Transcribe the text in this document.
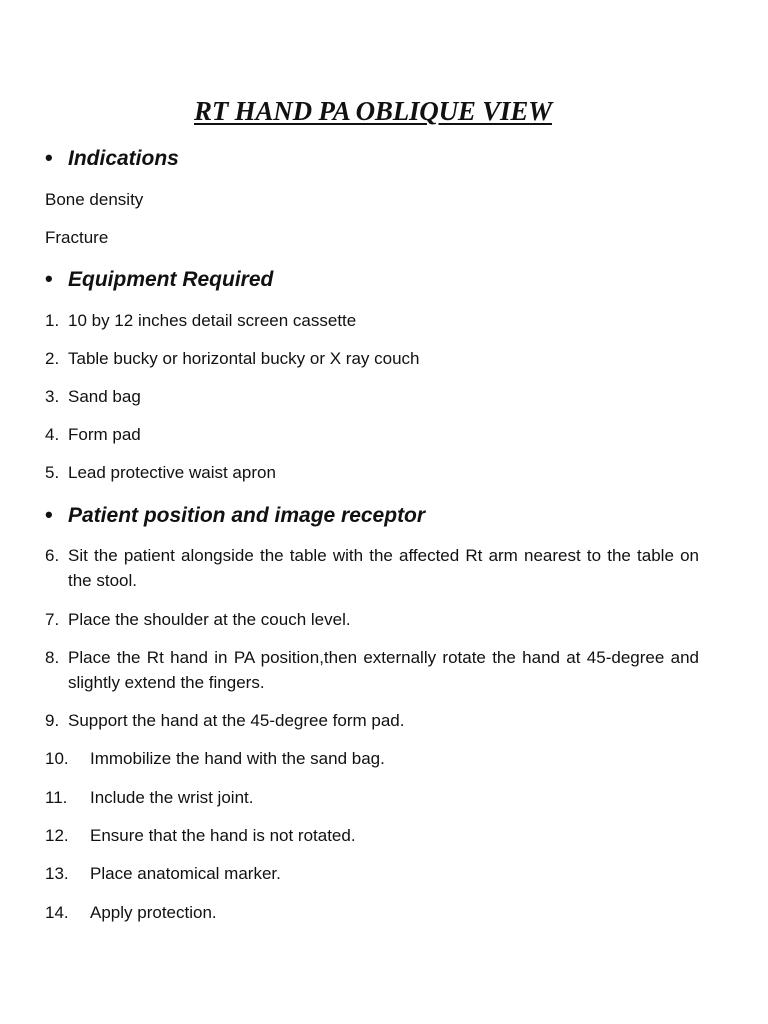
RT HAND PA OBLIQUE VIEW
• Indications

Bone density

Fracture

• Equipment Required
1. 10 by 12 inches detail screen cassette
2. Table bucky or horizontal bucky or X ray couch
3. Sand bag
4. Form pad
5. Lead protective waist apron
• Patient position and image receptor
6. Sit the patient alongside the table with the affected Rt arm nearest to the table on the stool.
7. Place the shoulder at the couch level.
8. Place the Rt hand in PA position,then externally rotate the hand at 45-degree and slightly extend the fingers.
9. Support the hand at the 45-degree form pad.
10.	Immobilize the hand with the sand bag.
11.	Include the wrist joint.
12.	Ensure that the hand is not rotated.
13.	Place anatomical marker.
14.	Apply protection.
